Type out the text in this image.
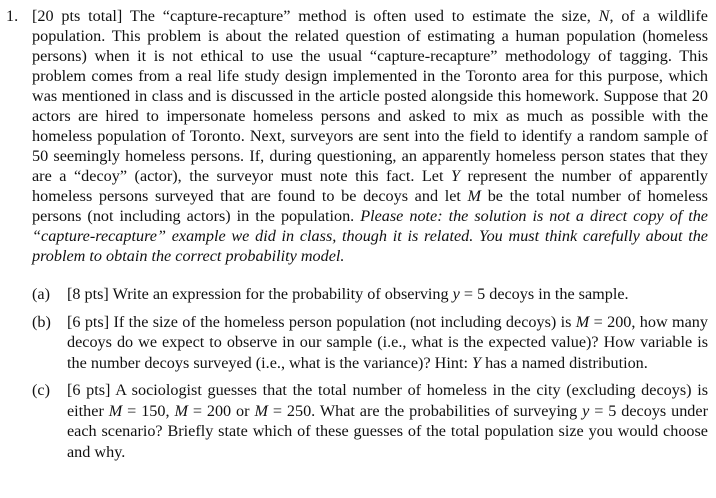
1. [20 pts total] The “capture-recapture” method is often used to estimate the size, N, of a wildlife population. This problem is about the related question of estimating a human population (homeless persons) when it is not ethical to use the usual “capture-recapture” methodology of tagging. This problem comes from a real life study design implemented in the Toronto area for this purpose, which was mentioned in class and is discussed in the article posted alongside this homework. Suppose that 20 actors are hired to impersonate homeless persons and asked to mix as much as possible with the homeless population of Toronto. Next, surveyors are sent into the field to identify a random sample of 50 seemingly homeless persons. If, during questioning, an apparently homeless person states that they are a “decoy” (actor), the surveyor must note this fact. Let Y represent the number of apparently homeless persons surveyed that are found to be decoys and let M be the total number of homeless persons (not including actors) in the population. Please note: the solution is not a direct copy of the “capture-recapture” example we did in class, though it is related. You must think carefully about the problem to obtain the correct probability model.

(a)	[8 pts] Write an expression for the probability of observing y = 5 decoys in the sample.
(b) [6 pts] If the size of the homeless person population (not including decoys) is M = 200, how many decoys do we expect to observe in our sample (i.e., what is the expected value)? How variable is the number decoys surveyed (i.e., what is the variance)? Hint: Y has a named distribution.
(c)	[6 pts] A sociologist guesses that the total number of homeless in the city (excluding decoys) is either M = 150, M = 200 or M = 250. What are the probabilities of surveying y = 5 decoys under each scenario? Briefly state which of these guesses of the total population size you would choose and why.
